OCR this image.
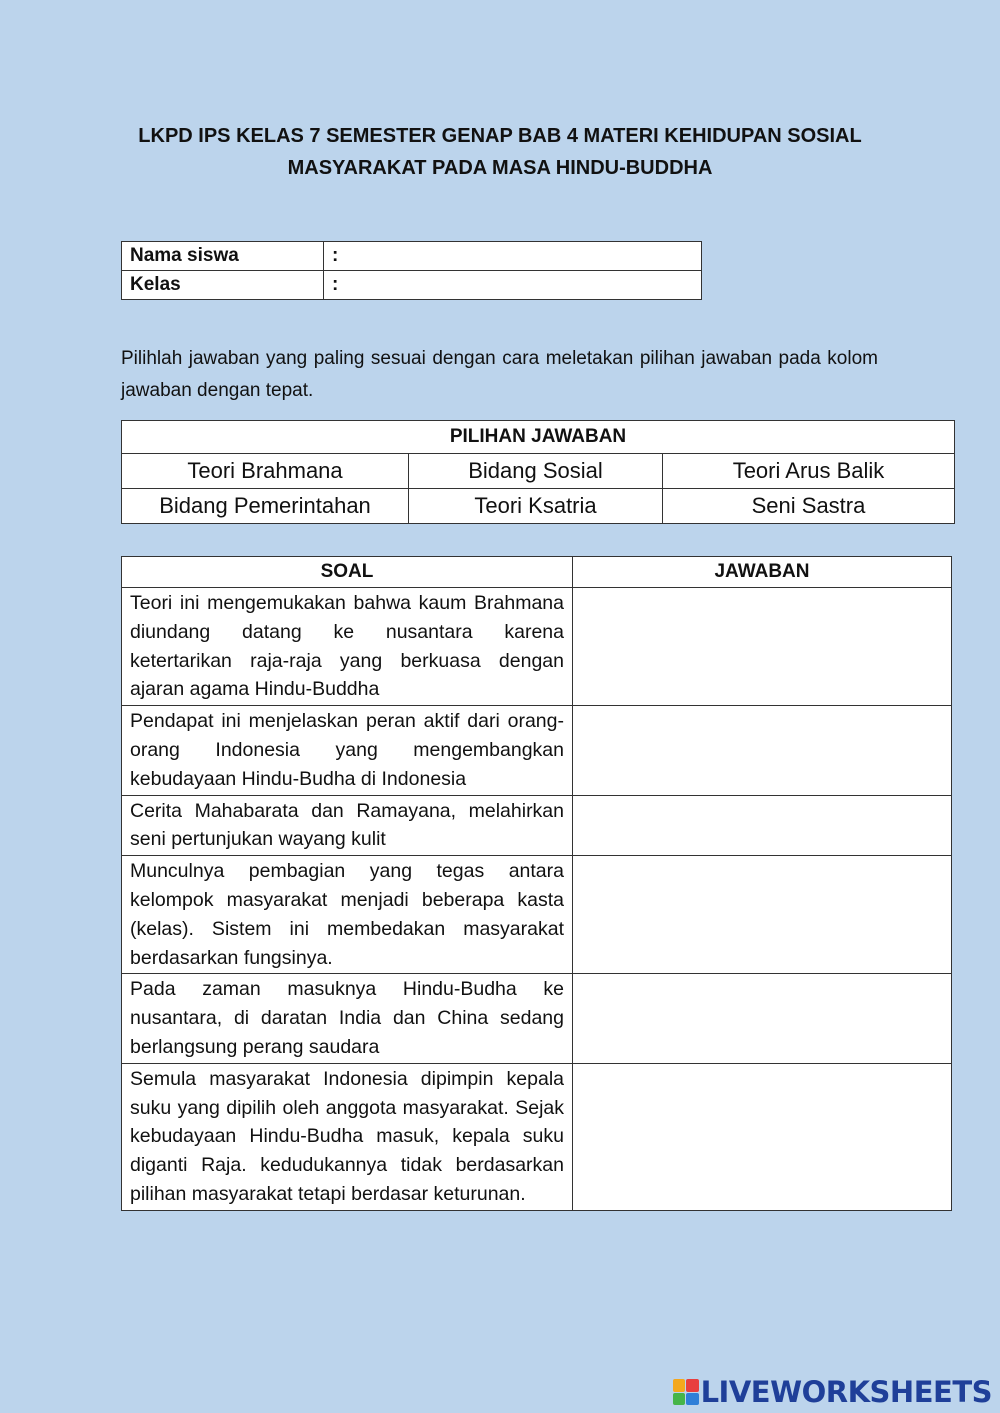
LKPD IPS KELAS 7 SEMESTER GENAP BAB 4 MATERI KEHIDUPAN SOSIAL
MASYARAKAT PADA MASA HINDU-BUDDHA
Nama siswa	:
Kelas	:
Pilihlah jawaban yang paling sesuai dengan cara meletakan pilihan jawaban pada kolom jawaban dengan tepat.
PILIHAN JAWABAN		
Teori Brahmana	Bidang Sosial	Teori Arus Balik
Bidang Pemerintahan	Teori Ksatria	Seni Sastra
SOAL	JAWABAN
Teori ini mengemukakan bahwa kaum Brahmana diundang datang ke nusantara karena ketertarikan raja-raja yang berkuasa dengan ajaran agama Hindu-Buddha	
Pendapat ini menjelaskan peran aktif dari orang-orang Indonesia yang mengembangkan kebudayaan Hindu-Budha di Indonesia	
Cerita Mahabarata dan Ramayana, melahirkan seni pertunjukan wayang kulit	
Munculnya pembagian yang tegas antara kelompok masyarakat menjadi beberapa kasta (kelas). Sistem ini membedakan masyarakat berdasarkan fungsinya.	
Pada zaman masuknya Hindu-Budha ke nusantara, di daratan India dan China sedang berlangsung perang saudara	
Semula masyarakat Indonesia dipimpin kepala suku yang dipilih oleh anggota masyarakat. Sejak kebudayaan Hindu-Budha masuk, kepala suku diganti Raja. kedudukannya tidak berdasarkan pilihan masyarakat tetapi berdasar keturunan.	
LIVEWORKSHEETS
